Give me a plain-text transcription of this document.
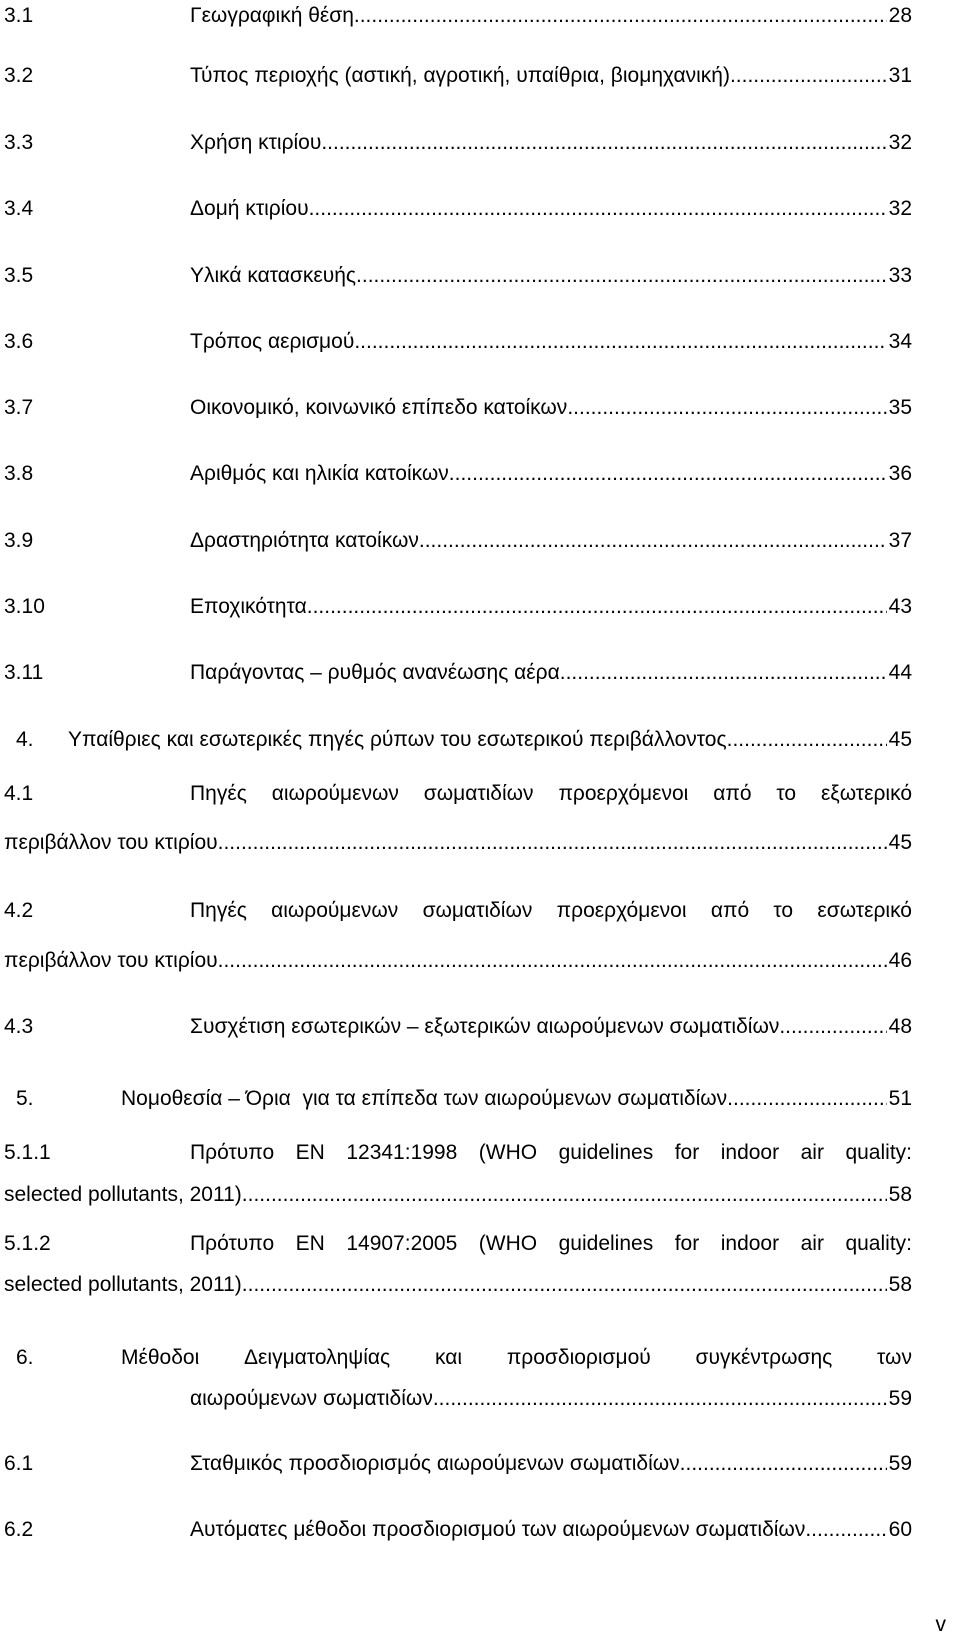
3.1	Γεωγραφική θέση .....	28
3.2	Τύπος περιοχής (αστική, αγροτική, υπαίθρια, βιομηχανική) .....	31
3.3	Χρήση κτιρίου .....	32
3.4	Δομή κτιρίου .....	32
3.5	Υλικά κατασκευής .....	33
3.6	Τρόπος αερισμού .....	34
3.7	Οικονομικό, κοινωνικό επίπεδο κατοίκων .....	35
3.8	Αριθμός και ηλικία κατοίκων .....	36
3.9	Δραστηριότητα κατοίκων .....	37
3.10	Εποχικότητα .....	43
3.11	Παράγοντας – ρυθμός ανανέωσης αέρα .....	44
4. Υπαίθριες και εσωτερικές πηγές ρύπων του εσωτερικού περιβάλλοντος .....	45
4.1	Πηγές αιωρούμενων σωματιδίων προερχόμενοι από το εξωτερικό
περιβάλλον του κτιρίου .....	45
4.2	Πηγές αιωρούμενων σωματιδίων προερχόμενοι από το εσωτερικό
περιβάλλον του κτιρίου .....	46
4.3	Συσχέτιση εσωτερικών – εξωτερικών αιωρούμενων σωματιδίων .....	48
5.	Νομοθεσία – Όρια  για τα επίπεδα των αιωρούμενων σωματιδίων .....	51
5.1.1	Πρότυπο ΕΝ 12341:1998 (WHO guidelines for indoor air quality:
selected pollutants, 2011) .....	58
5.1.2	Πρότυπο ΕΝ 14907:2005 (WHO guidelines for indoor air quality:
selected pollutants, 2011) .....	58
6.	Μέθοδοι Δειγματοληψίας και προσδιορισμού συγκέντρωσης των
αιωρούμενων σωματιδίων .....	59
6.1	Σταθμικός προσδιορισμός αιωρούμενων σωματιδίων .....	59
6.2	Αυτόματες μέθοδοι προσδιορισμού των αιωρούμενων σωματιδίων .....	60
v
